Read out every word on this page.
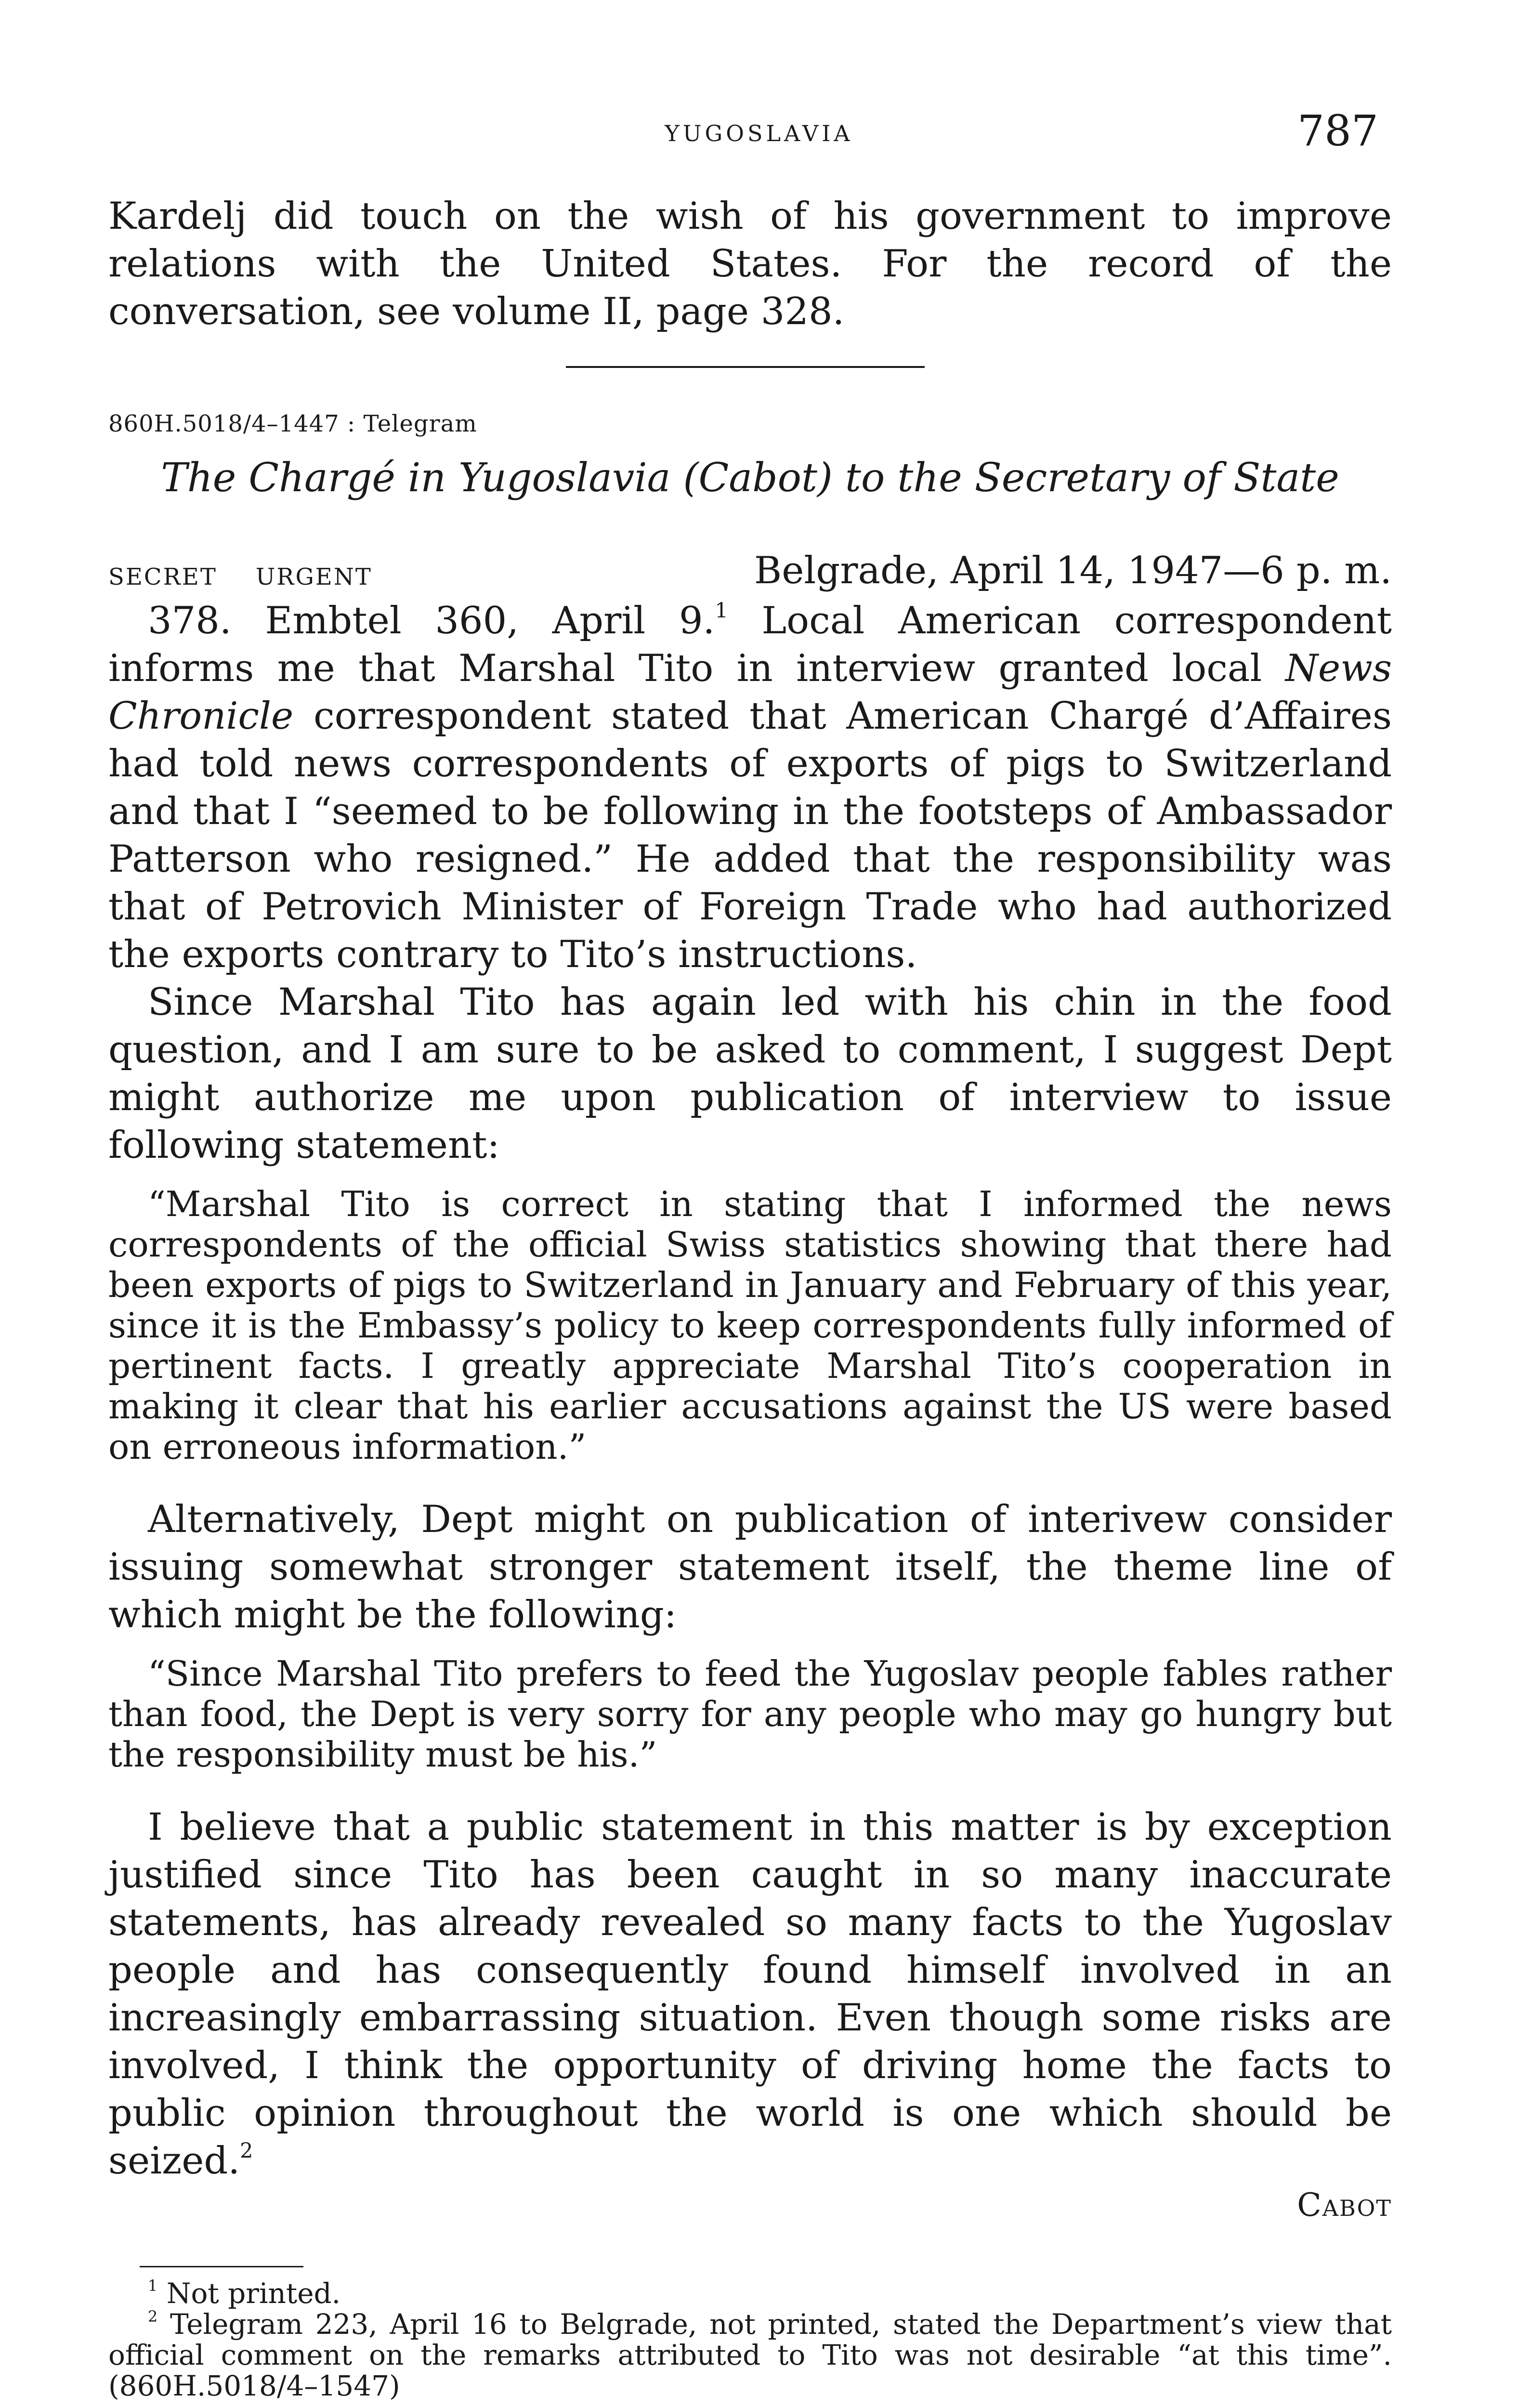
YUGOSLAVIA	787

Kardelj did touch on the wish of his government to improve relations with the United States. For the record of the conversation, see volume II, page 328.

860H.5018/4–1447 : Telegram
The Chargé in Yugoslavia (Cabot) to the Secretary of State
SECRET URGENT	Belgrade, April 14, 1947—6 p. m.

378. Embtel 360, April 9.$^1$ Local American correspondent informs me that Marshal Tito in interview granted local News Chronicle correspondent stated that American Chargé d’Affaires had told news correspondents of exports of pigs to Switzerland and that I “seemed to be following in the footsteps of Ambassador Patterson who resigned.” He added that the responsibility was that of Petrovich Minister of Foreign Trade who had authorized the exports contrary to Tito’s instructions.

Since Marshal Tito has again led with his chin in the food question, and I am sure to be asked to comment, I suggest Dept might authorize me upon publication of interview to issue following statement:

“Marshal Tito is correct in stating that I informed the news correspondents of the official Swiss statistics showing that there had been exports of pigs to Switzerland in January and February of this year, since it is the Embassy’s policy to keep correspondents fully informed of pertinent facts. I greatly appreciate Marshal Tito’s cooperation in making it clear that his earlier accusations against the US were based on erroneous information.”

Alternatively, Dept might on publication of interivew consider issuing somewhat stronger statement itself, the theme line of which might be the following:

“Since Marshal Tito prefers to feed the Yugoslav people fables rather than food, the Dept is very sorry for any people who may go hungry but the responsibility must be his.”

I believe that a public statement in this matter is by exception justified since Tito has been caught in so many inaccurate statements, has already revealed so many facts to the Yugoslav people and has consequently found himself involved in an increasingly embarrassing situation. Even though some risks are involved, I think the opportunity of driving home the facts to public opinion throughout the world is one which should be seized.$^2$

Cabot

$^1$ Not printed.

$^2$ Telegram 223, April 16 to Belgrade, not printed, stated the Department’s view that official comment on the remarks attributed to Tito was not desirable “at this time”. (860H.5018/4–1547)
